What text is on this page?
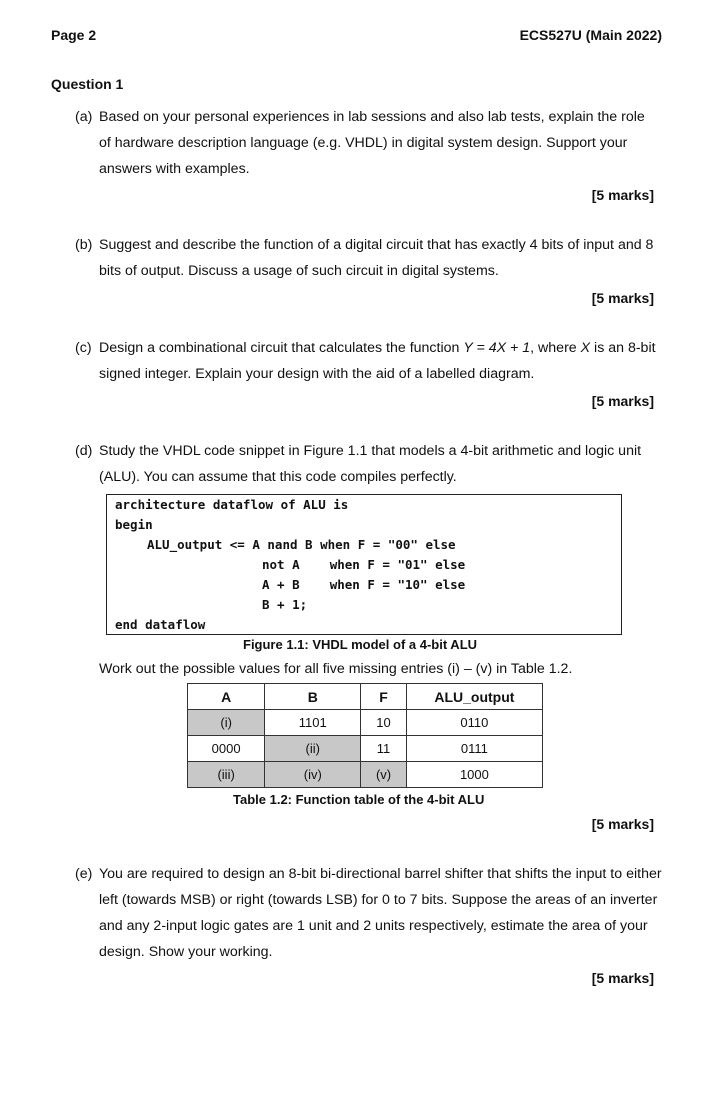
Page 2	ECS527U (Main 2022)
Question 1
(a) Based on your personal experiences in lab sessions and also lab tests, explain the role
of hardware description language (e.g. VHDL) in digital system design. Support your
answers with examples.
[5 marks]
(b) Suggest and describe the function of a digital circuit that has exactly 4 bits of input and 8
bits of output. Discuss a usage of such circuit in digital systems.
[5 marks]
(c) Design a combinational circuit that calculates the function Y = 4X + 1, where X is an 8-bit
signed integer. Explain your design with the aid of a labelled diagram.
[5 marks]
(d) Study the VHDL code snippet in Figure 1.1 that models a 4-bit arithmetic and logic unit
(ALU). You can assume that this code compiles perfectly.
architecture dataflow of ALU is
begin
ALU_output <= A nand B when F = "00" else
not A    when F = "01" else
A + B    when F = "10" else
B + 1;
end dataflow
Figure 1.1: VHDL model of a 4-bit ALU
Work out the possible values for all five missing entries (i) – (v) in Table 1.2.
A	B	F	ALU_output
(i)	1101	10	0110
0000	(ii)	11	0111
(iii)	(iv)	(v)	1000
Table 1.2: Function table of the 4-bit ALU
[5 marks]
(e) You are required to design an 8-bit bi-directional barrel shifter that shifts the input to either
left (towards MSB) or right (towards LSB) for 0 to 7 bits. Suppose the areas of an inverter
and any 2-input logic gates are 1 unit and 2 units respectively, estimate the area of your
design. Show your working.
[5 marks]
